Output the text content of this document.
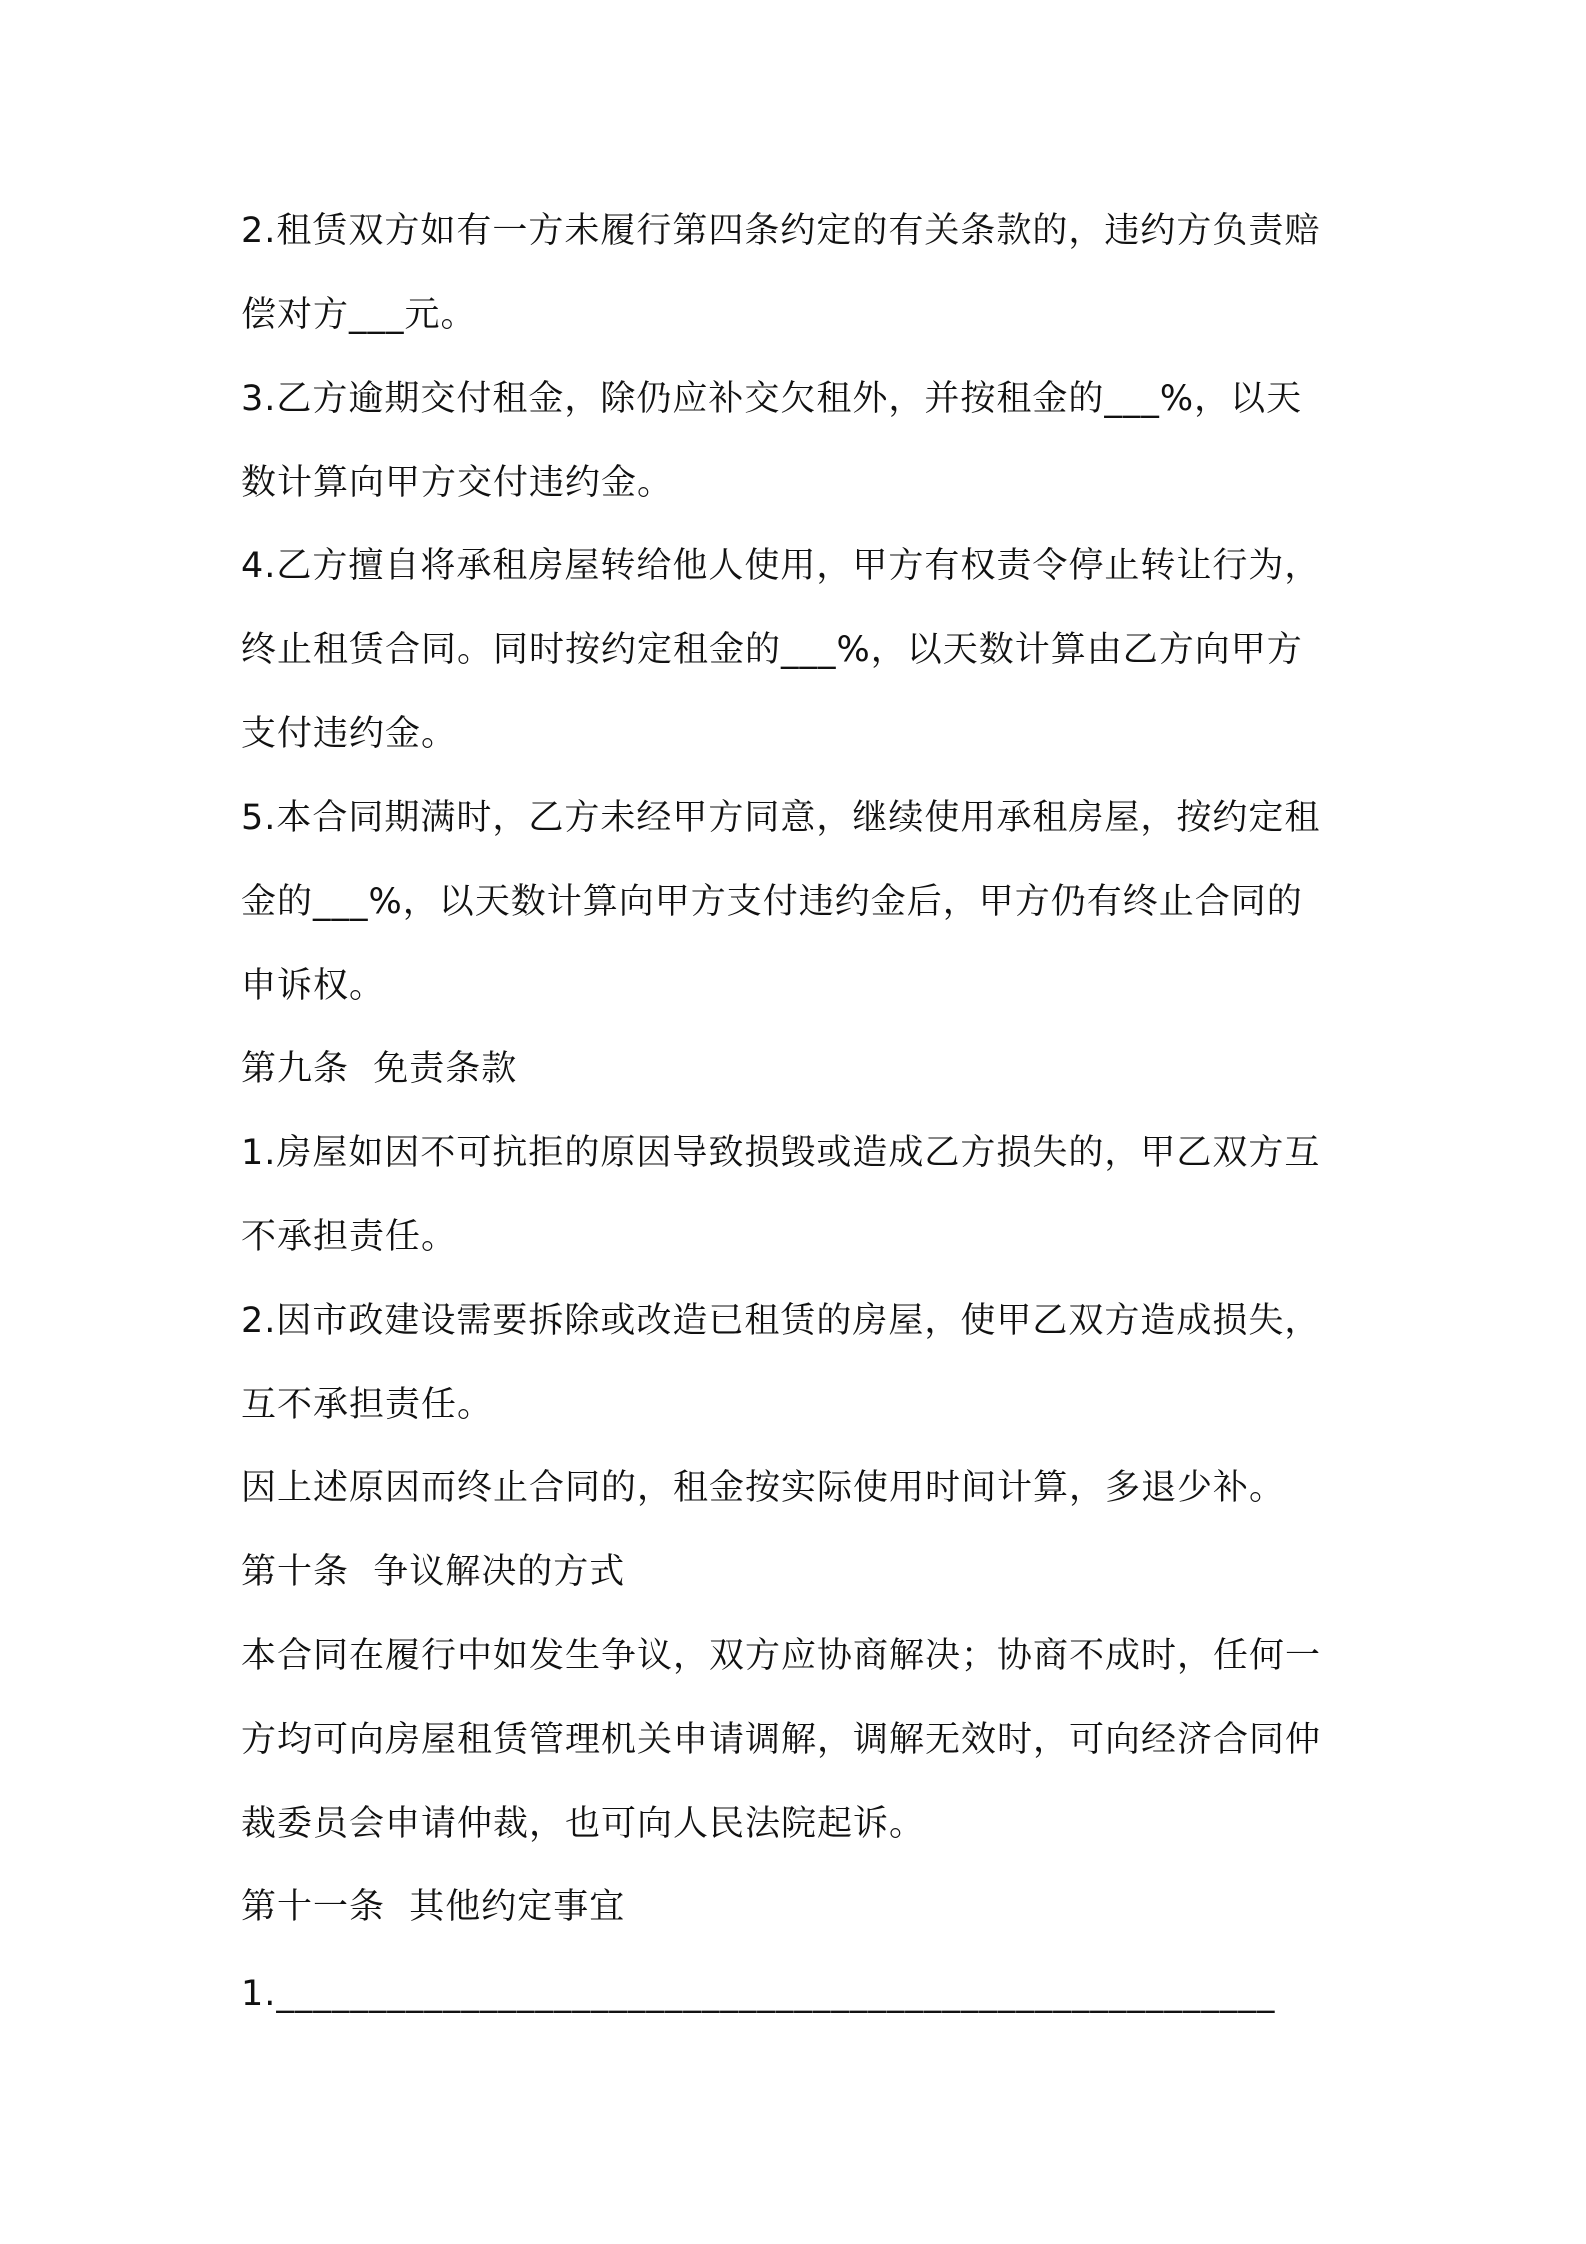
2.租赁双方如有一方未履行第四条约定的有关条款的，违约方负责赔
偿对方___元。
3.乙方逾期交付租金，除仍应补交欠租外，并按租金的___%，以天
数计算向甲方交付违约金。
4.乙方擅自将承租房屋转给他人使用，甲方有权责令停止转让行为，
终止租赁合同。同时按约定租金的___%，以天数计算由乙方向甲方
支付违约金。
5.本合同期满时，乙方未经甲方同意，继续使用承租房屋，按约定租
金的___%，以天数计算向甲方支付违约金后，甲方仍有终止合同的
申诉权。
第九条  免责条款
1.房屋如因不可抗拒的原因导致损毁或造成乙方损失的，甲乙双方互
不承担责任。
2.因市政建设需要拆除或改造已租赁的房屋，使甲乙双方造成损失，
互不承担责任。
因上述原因而终止合同的，租金按实际使用时间计算，多退少补。
第十条  争议解决的方式
本合同在履行中如发生争议，双方应协商解决；协商不成时，任何一
方均可向房屋租赁管理机关申请调解，调解无效时，可向经济合同仲
裁委员会申请仲裁，也可向人民法院起诉。
第十一条  其他约定事宜
1.______________________________________________________
